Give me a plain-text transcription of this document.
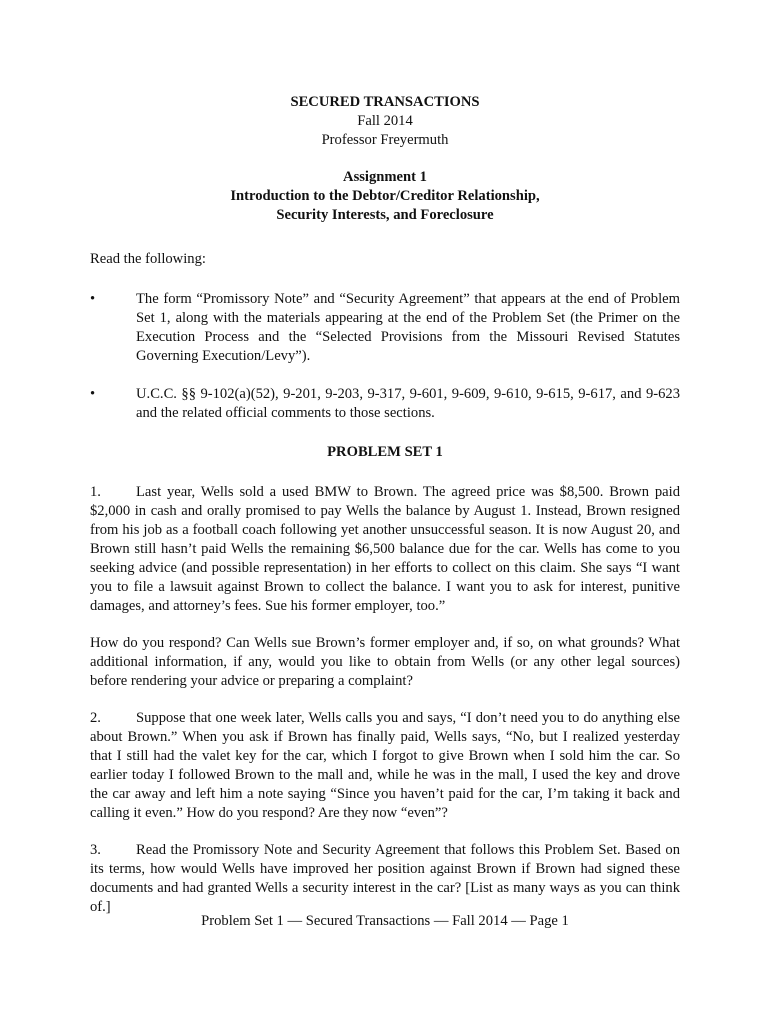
SECURED TRANSACTIONS

Fall 2014

Professor Freyermuth

Assignment 1

Introduction to the Debtor/Creditor Relationship,

Security Interests, and Foreclosure

Read the following:

•	The form “Promissory Note” and “Security Agreement” that appears at the end of Problem Set 1, along with the materials appearing at the end of the Problem Set (the Primer on the Execution Process and the “Selected Provisions from the Missouri Revised Statutes Governing Execution/Levy”).
•	U.C.C. §§ 9-102(a)(52), 9-201, 9-203, 9-317, 9-601, 9-609, 9-610, 9-615, 9-617, and 9-623 and the related official comments to those sections.

PROBLEM SET 1

1. Last year, Wells sold a used BMW to Brown. The agreed price was $8,500. Brown paid $2,000 in cash and orally promised to pay Wells the balance by August 1. Instead, Brown resigned from his job as a football coach following yet another unsuccessful season. It is now August 20, and Brown still hasn’t paid Wells the remaining $6,500 balance due for the car. Wells has come to you seeking advice (and possible representation) in her efforts to collect on this claim. She says “I want you to file a lawsuit against Brown to collect the balance. I want you to ask for interest, punitive damages, and attorney’s fees. Sue his former employer, too.”

How do you respond? Can Wells sue Brown’s former employer and, if so, on what grounds? What additional information, if any, would you like to obtain from Wells (or any other legal sources) before rendering your advice or preparing a complaint?

2. Suppose that one week later, Wells calls you and says, “I don’t need you to do anything else about Brown.” When you ask if Brown has finally paid, Wells says, “No, but I realized yesterday that I still had the valet key for the car, which I forgot to give Brown when I sold him the car. So earlier today I followed Brown to the mall and, while he was in the mall, I used the key and drove the car away and left him a note saying “Since you haven’t paid for the car, I’m taking it back and calling it even.” How do you respond? Are they now “even”?

3. Read the Promissory Note and Security Agreement that follows this Problem Set. Based on its terms, how would Wells have improved her position against Brown if Brown had signed these documents and had granted Wells a security interest in the car? [List as many ways as you can think of.]

Problem Set 1 — Secured Transactions — Fall 2014 — Page 1
